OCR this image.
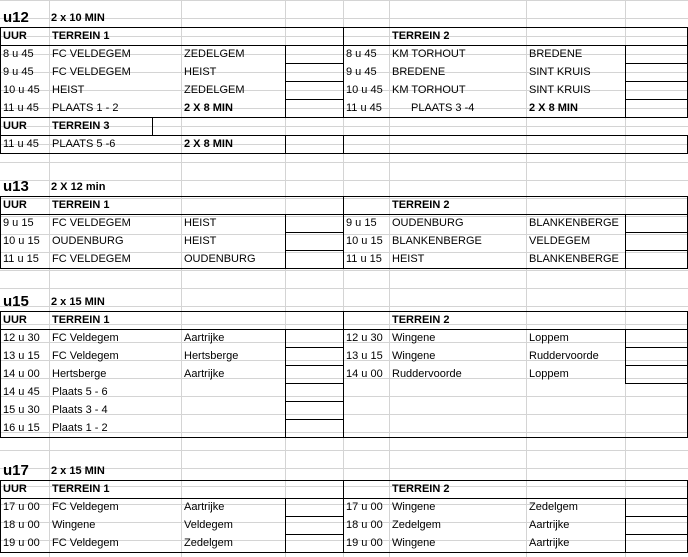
u12	2 x 10 MIN
UUR	TERREIN 1	TERREIN 2
8 u 45	FC VELDEGEM	ZEDELGEM	8 u 45	KM TORHOUT	BREDENE
9 u 45	FC VELDEGEM	HEIST	9 u 45	BREDENE	SINT KRUIS
10 u 45	HEIST	ZEDELGEM	10 u 45 KM TORHOUT	SINT KRUIS
11 u 45	PLAATS 1 - 2	2 X 8 MIN	11 u 45	PLAATS 3 -4	2 X 8 MIN
UUR	TERREIN 3
11 u 45	PLAATS 5 -6	2 X 8 MIN
u13	2 X 12 min
UUR	TERREIN 1	TERREIN 2
9 u 15	FC VELDEGEM	HEIST	9 u 15	OUDENBURG	BLANKENBERGE
10 u 15	OUDENBURG	HEIST	10 u 15 BLANKENBERGE	VELDEGEM
11 u 15	FC VELDEGEM	OUDENBURG	11 u 15 HEIST	BLANKENBERGE
u15	2 x 15 MIN
UUR	TERREIN 1	TERREIN 2
12 u 30	FC Veldegem	Aartrijke	12 u 30 Wingene	Loppem
13 u 15	FC Veldegem	Hertsberge	13 u 15 Wingene	Ruddervoorde
14 u 00	Hertsberge	Aartrijke	14 u 00 Ruddervoorde	Loppem
14 u 45	Plaats 5 - 6
15 u 30	Plaats 3 - 4
16 u 15	Plaats 1 - 2
u17	2 x 15 MIN
UUR	TERREIN 1	TERREIN 2
17 u 00	FC Veldegem	Aartrijke	17 u 00 Wingene	Zedelgem
18 u 00	Wingene	Veldegem	18 u 00 Zedelgem	Aartrijke
19 u 00	FC Veldegem	Zedelgem	19 u 00 Wingene	Aartrijke
